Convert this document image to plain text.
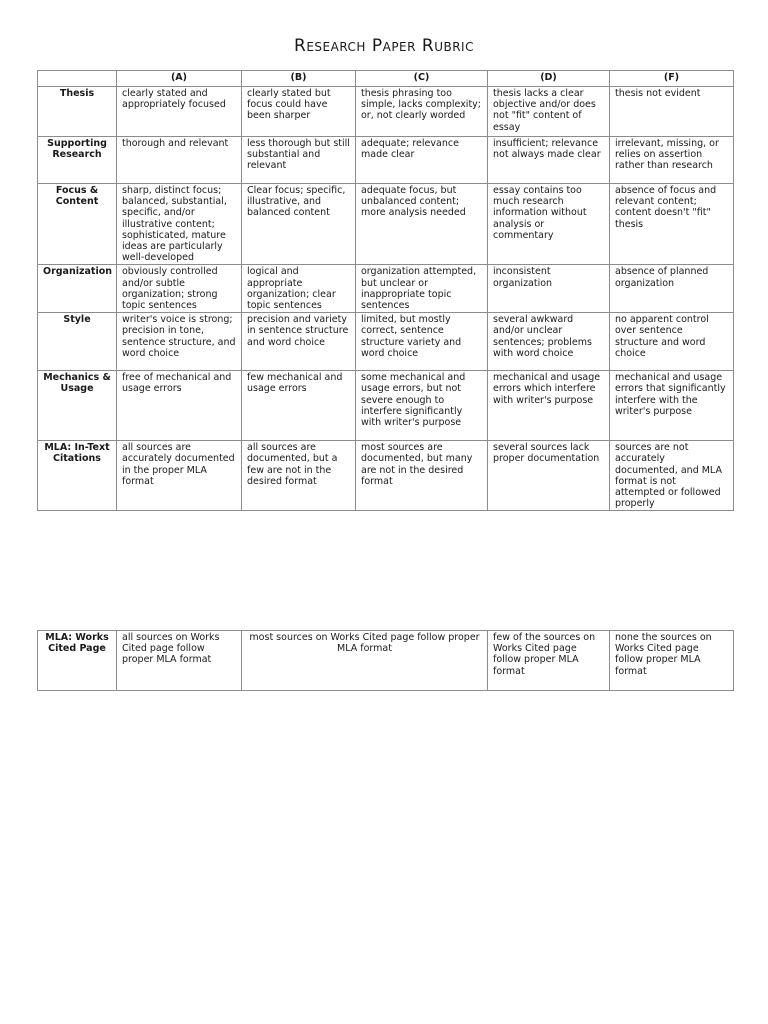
Research Paper Rubric
	(A)	(B)	(C)	(D)	(F)
Thesis	clearly stated and appropriately focused	clearly stated but focus could have been sharper	thesis phrasing too simple, lacks complexity; or, not clearly worded	thesis lacks a clear objective and/or does not "fit" content of essay	thesis not evident
Supporting Research	thorough and relevant	less thorough but still substantial and relevant	adequate; relevance made clear	insufficient; relevance not always made clear	irrelevant, missing, or relies on assertion rather than research
Focus & Content	sharp, distinct focus; balanced, substantial, specific, and/or illustrative content; sophisticated, mature ideas are particularly well-developed	Clear focus; specific, illustrative, and balanced content	adequate focus, but unbalanced content; more analysis needed	essay contains too much research information without analysis or commentary	absence of focus and relevant content; content doesn't "fit" thesis
Organization	obviously controlled and/or subtle organization; strong topic sentences	logical and appropriate organization; clear topic sentences	organization attempted, but unclear or inappropriate topic sentences	inconsistent organization	absence of planned organization
Style	writer's voice is strong; precision in tone, sentence structure, and word choice	precision and variety in sentence structure and word choice	limited, but mostly correct, sentence structure variety and word choice	several awkward and/or unclear sentences; problems with word choice	no apparent control over sentence structure and word choice
Mechanics & Usage	free of mechanical and usage errors	few mechanical and usage errors	some mechanical and usage errors, but not severe enough to interfere significantly with writer's purpose	mechanical and usage errors which interfere with writer's purpose	mechanical and usage errors that significantly interfere with the writer's purpose
MLA: In-Text Citations	all sources are accurately documented in the proper MLA format	all sources are documented, but a few are not in the desired format	most sources are documented, but many are not in the desired format	several sources lack proper documentation	sources are not accurately documented, and MLA format is not attempted or followed properly
MLA: Works Cited Page	all sources on Works Cited page follow proper MLA format	most sources on Works Cited page follow proper MLA format	few of the sources on Works Cited page follow proper MLA format	none the sources on Works Cited page follow proper MLA format
